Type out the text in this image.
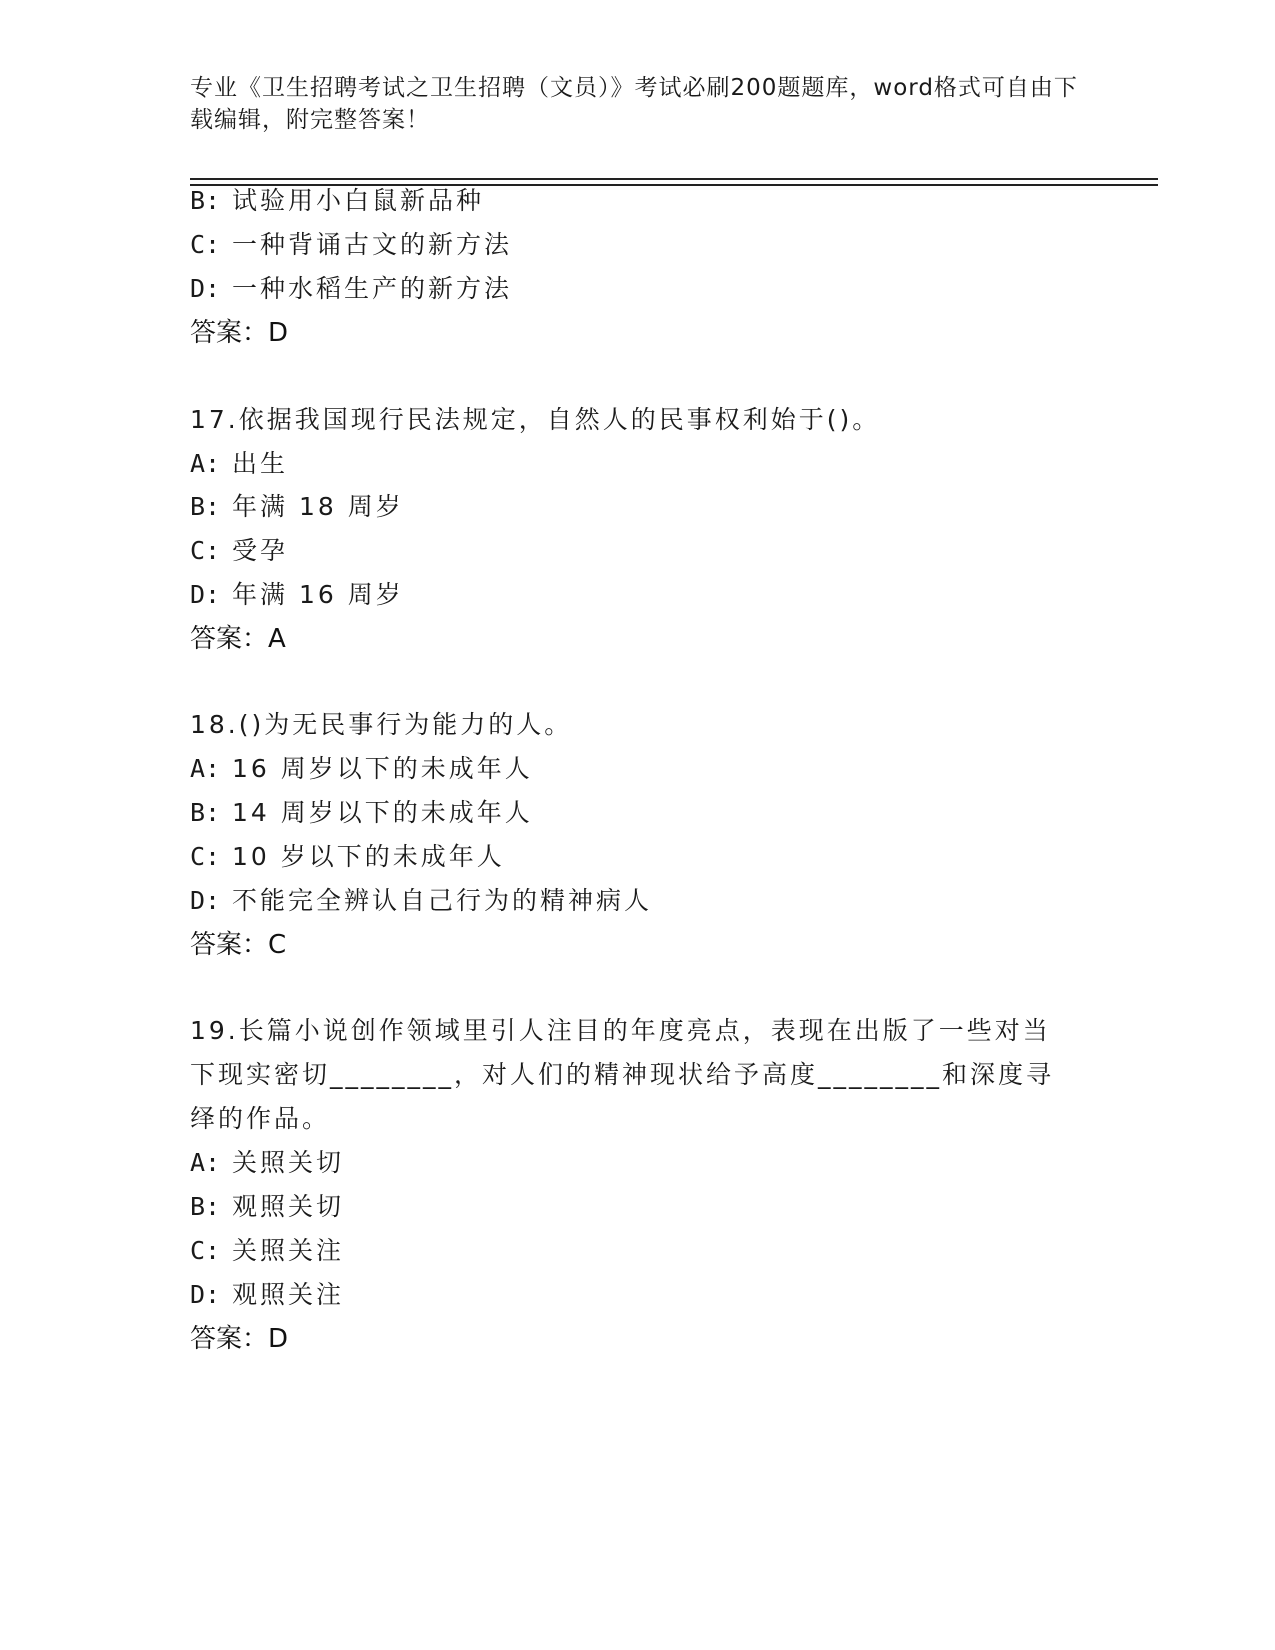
专业《卫生招聘考试之卫生招聘（文员）》考试必刷200题题库，word格式可自由下载编辑，附完整答案！
B: 试验用小白鼠新品种
C: 一种背诵古文的新方法
D: 一种水稻生产的新方法
答案：D
17.依据我国现行民法规定，自然人的民事权利始于()。
A: 出生
B: 年满 18 周岁
C: 受孕
D: 年满 16 周岁
答案：A
18.()为无民事行为能力的人。
A: 16 周岁以下的未成年人
B: 14 周岁以下的未成年人
C: 10 岁以下的未成年人
D: 不能完全辨认自己行为的精神病人
答案：C
19.长篇小说创作领域里引人注目的年度亮点，表现在出版了一些对当
下现实密切________，对人们的精神现状给予高度________和深度寻
绎的作品。
A: 关照关切
B: 观照关切
C: 关照关注
D: 观照关注
答案：D
